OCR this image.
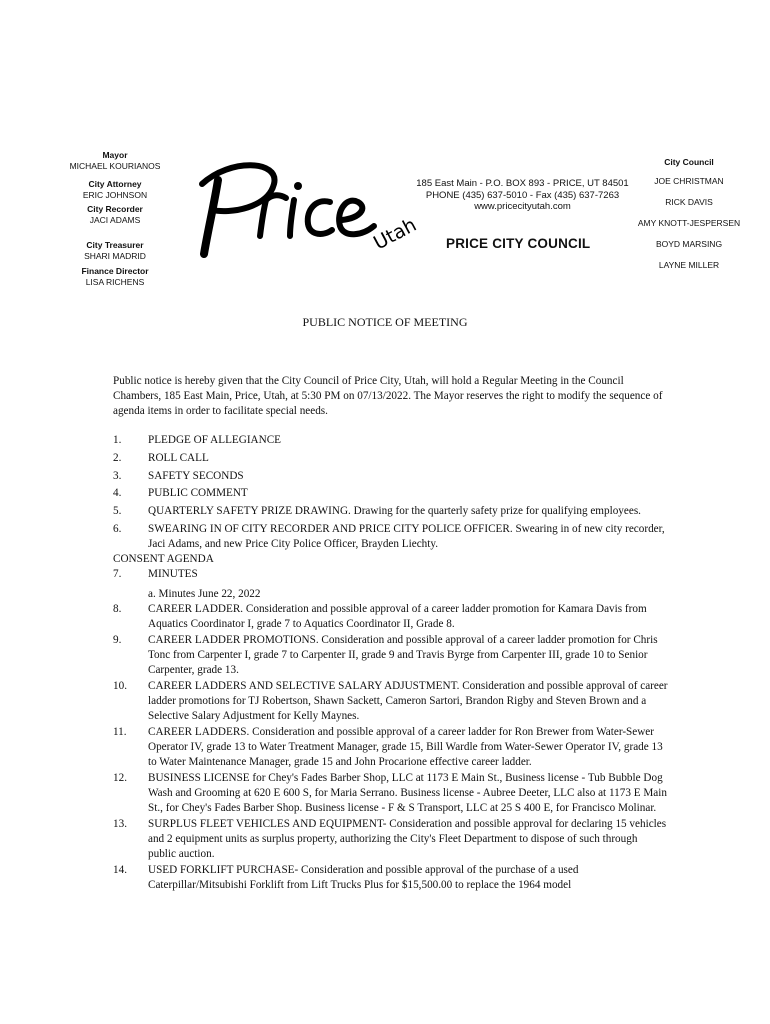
Mayor
MICHAEL KOURIANOS
City Attorney
ERIC JOHNSON
City Recorder
JACI ADAMS
City Treasurer
SHARI MADRID
Finance Director
LISA RICHENS
Utah
185 East Main - P.O. BOX 893 - PRICE, UT 84501
PHONE (435) 637-5010 - Fax (435) 637-7263
www.pricecityutah.com
PRICE CITY COUNCIL
City Council
JOE CHRISTMAN
RICK DAVIS
AMY KNOTT-JESPERSEN
BOYD MARSING
LAYNE MILLER
PUBLIC NOTICE OF MEETING
Public notice is hereby given that the City Council of Price City, Utah, will hold a Regular Meeting in the Council Chambers, 185 East Main, Price, Utah, at 5:30 PM on 07/13/2022. The Mayor reserves the right to modify the sequence of agenda items in order to facilitate special needs.
1.	PLEDGE OF ALLEGIANCE
2.	ROLL CALL
3.	SAFETY SECONDS
4.	PUBLIC COMMENT
5.	QUARTERLY SAFETY PRIZE DRAWING. Drawing for the quarterly safety prize for qualifying employees.
6.	SWEARING IN OF CITY RECORDER AND PRICE CITY POLICE OFFICER. Swearing in of new city recorder, Jaci Adams, and new Price City Police Officer, Brayden Liechty.
CONSENT AGENDA
7.	MINUTES
a. Minutes June 22, 2022
8.	CAREER LADDER. Consideration and possible approval of a career ladder promotion for Kamara Davis from Aquatics Coordinator I, grade 7 to Aquatics Coordinator II, Grade 8.
9.	CAREER LADDER PROMOTIONS. Consideration and possible approval of a career ladder promotion for Chris Tonc from Carpenter I, grade 7 to Carpenter II, grade 9 and Travis Byrge from Carpenter III, grade 10 to Senior Carpenter, grade 13.
10.	CAREER LADDERS AND SELECTIVE SALARY ADJUSTMENT. Consideration and possible approval of career ladder promotions for TJ Robertson, Shawn Sackett, Cameron Sartori, Brandon Rigby and Steven Brown and a Selective Salary Adjustment for Kelly Maynes.
11.	CAREER LADDERS. Consideration and possible approval of a career ladder for Ron Brewer from Water-Sewer Operator IV, grade 13 to Water Treatment Manager, grade 15, Bill Wardle from Water-Sewer Operator IV, grade 13 to Water Maintenance Manager, grade 15 and John Procarione effective career ladder.
12.	BUSINESS LICENSE for Chey's Fades Barber Shop, LLC at 1173 E Main St., Business license - Tub Bubble Dog Wash and Grooming at 620 E 600 S, for Maria Serrano. Business license - Aubree Deeter, LLC also at 1173 E Main St., for Chey's Fades Barber Shop. Business license - F & S Transport, LLC at 25 S 400 E, for Francisco Molinar.
13.	SURPLUS FLEET VEHICLES AND EQUIPMENT- Consideration and possible approval for declaring 15 vehicles and 2 equipment units as surplus property, authorizing the City's Fleet Department to dispose of such through public auction.
14.	USED FORKLIFT PURCHASE- Consideration and possible approval of the purchase of a used Caterpillar/Mitsubishi Forklift from Lift Trucks Plus for $15,500.00 to replace the 1964 model
